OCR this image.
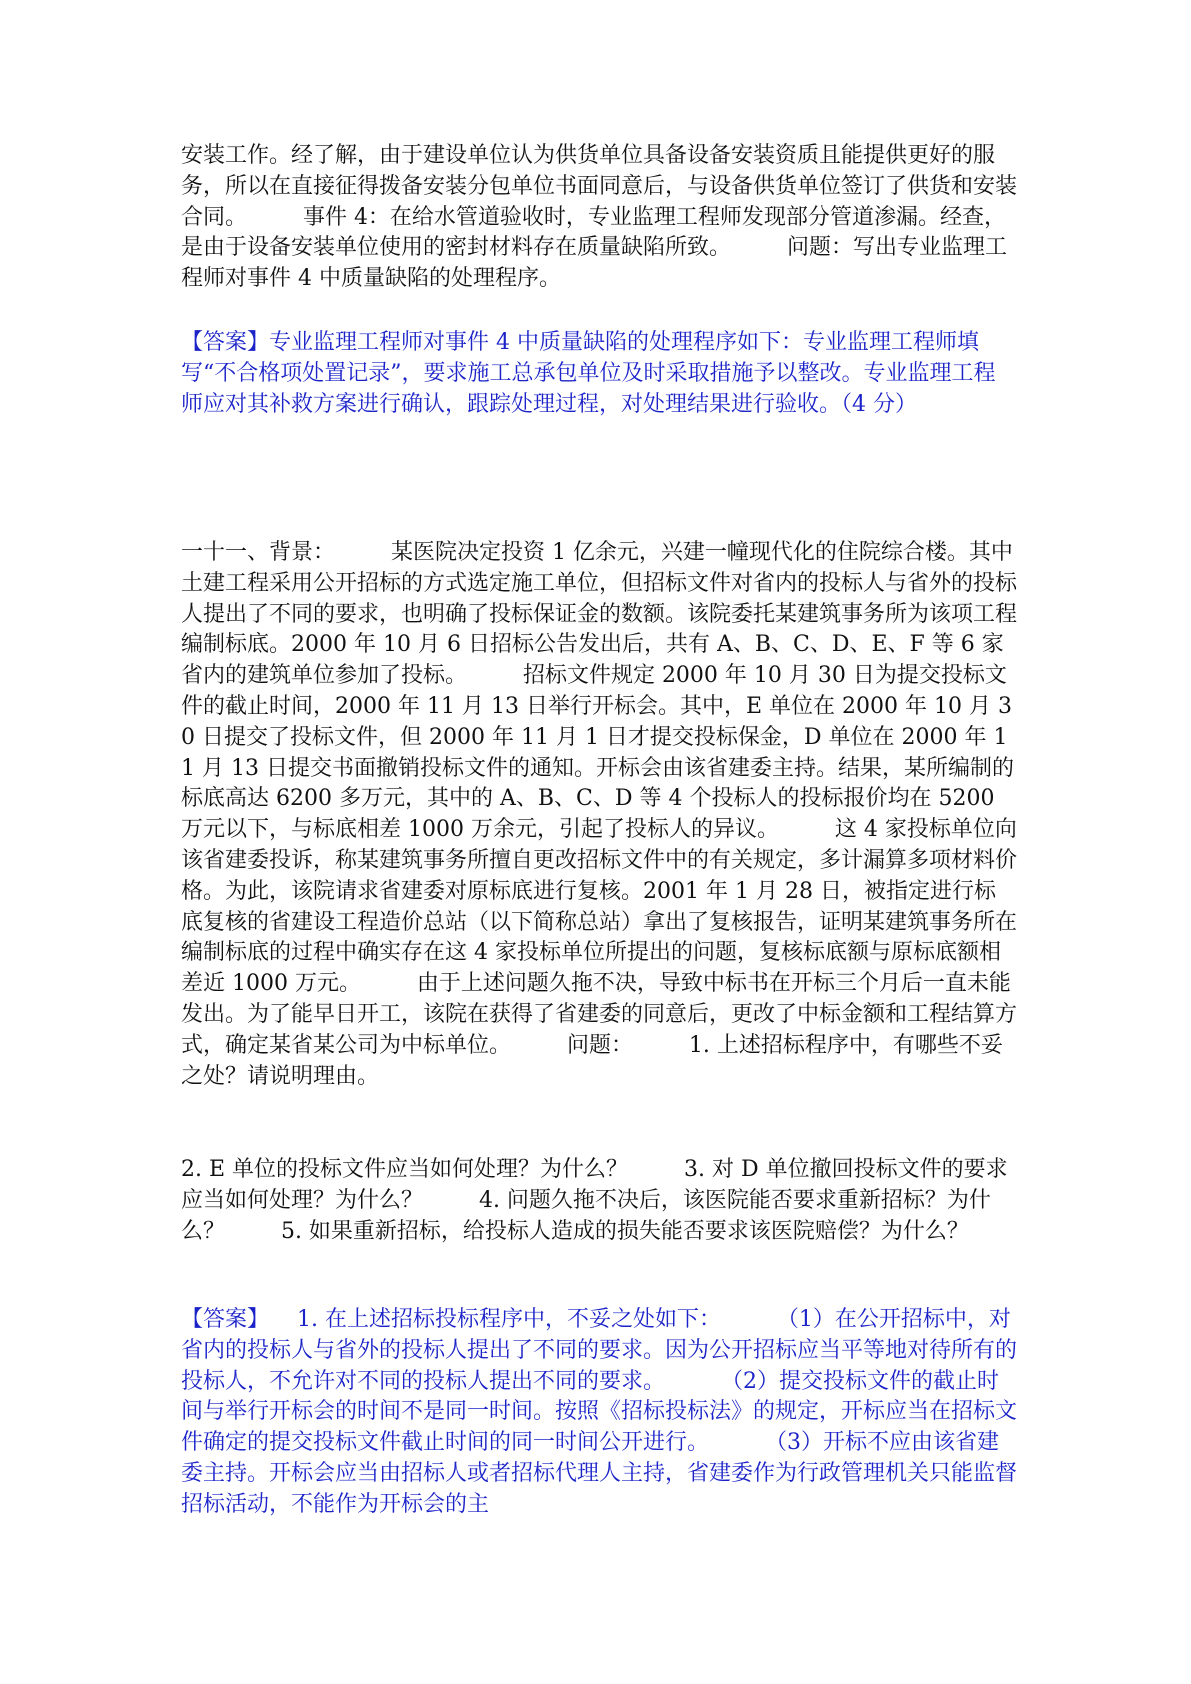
安装工作。经了解，由于建设单位认为供货单位具备设备安装资质且能提供更好的服务，所以在直接征得拨备安装分包单位书面同意后，与设备供货单位签订了供货和安装合同。        事件 4：在给水管道验收时，专业监理工程师发现部分管道渗漏。经查，是由于设备安装单位使用的密封材料存在质量缺陷所致。        问题：写出专业监理工程师对事件 4 中质量缺陷的处理程序。

【答案】专业监理工程师对事件 4 中质量缺陷的处理程序如下：专业监理工程师填写“不合格项处置记录”，要求施工总承包单位及时采取措施予以整改。专业监理工程师应对其补救方案进行确认，跟踪处理过程，对处理结果进行验收。（4 分）

一十一、背景：        某医院决定投资 1 亿余元，兴建一幢现代化的住院综合楼。其中土建工程采用公开招标的方式选定施工单位，但招标文件对省内的投标人与省外的投标人提出了不同的要求，也明确了投标保证金的数额。该院委托某建筑事务所为该项工程编制标底。2000 年 10 月 6 日招标公告发出后，共有 A、B、C、D、E、F 等 6 家省内的建筑单位参加了投标。        招标文件规定 2000 年 10 月 30 日为提交投标文件的截止时间，2000 年 11 月 13 日举行开标会。其中，E 单位在 2000 年 10 月 30 日提交了投标文件，但 2000 年 11 月 1 日才提交投标保金，D 单位在 2000 年 11 月 13 日提交书面撤销投标文件的通知。开标会由该省建委主持。结果，某所编制的标底高达 6200 多万元，其中的 A、B、C、D 等 4 个投标人的投标报价均在 5200 万元以下，与标底相差 1000 万余元，引起了投标人的异议。        这 4 家投标单位向该省建委投诉，称某建筑事务所擅自更改招标文件中的有关规定，多计漏算多项材料价格。为此，该院请求省建委对原标底进行复核。2001 年 1 月 28 日，被指定进行标底复核的省建设工程造价总站（以下简称总站）拿出了复核报告，证明某建筑事务所在编制标底的过程中确实存在这 4 家投标单位所提出的问题，复核标底额与原标底额相差近 1000 万元。        由于上述问题久拖不决，导致中标书在开标三个月后一直未能发出。为了能早日开工，该院在获得了省建委的同意后，更改了中标金额和工程结算方式，确定某省某公司为中标单位。        问题：        1. 上述招标程序中，有哪些不妥之处？请说明理由。

2. E 单位的投标文件应当如何处理？为什么？        3. 对 D 单位撤回投标文件的要求应当如何处理？为什么？        4. 问题久拖不决后，该医院能否要求重新招标？为什么？        5. 如果重新招标，给投标人造成的损失能否要求该医院赔偿？为什么？

【答案】    1. 在上述招标投标程序中，不妥之处如下：        （1）在公开招标中，对省内的投标人与省外的投标人提出了不同的要求。因为公开招标应当平等地对待所有的投标人，不允许对不同的投标人提出不同的要求。        （2）提交投标文件的截止时间与举行开标会的时间不是同一时间。按照《招标投标法》的规定，开标应当在招标文件确定的提交投标文件截止时间的同一时间公开进行。        （3）开标不应由该省建委主持。开标会应当由招标人或者招标代理人主持，省建委作为行政管理机关只能监督招标活动，不能作为开标会的主
